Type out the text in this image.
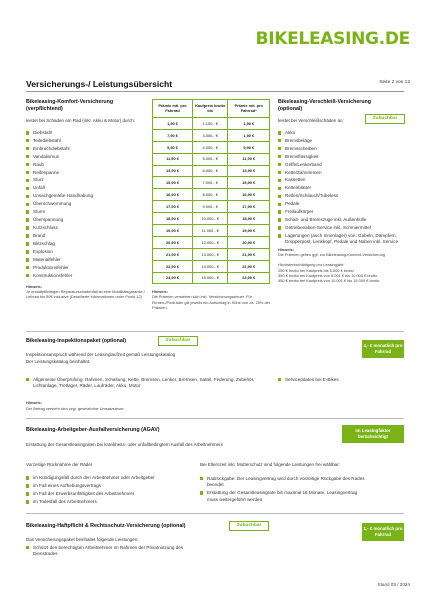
BIKELEASING.DE
Versicherungs-/ Leistungsübersicht	Seite 2 von 12
Bikeleasing-Komfort-Versicherung
(verpflichtend)
leistet bei Schaden am Rad (inkl. Akku & Motor) durch:
Diebstahl
Teilediebstahl
Einbruchdiebstahl
Vandalismus
Raub
Reifenpanne
Sturz
Unfall
Unsachgemäße Handhabung
Überschwemmung
Sturm
Überspannung
Kurzschluss
Brand
Blitzschlag
Explosion
Materialfehler
Produktionsfehler
Konstruktionsfehler
Hinweis:
Je erstattpflichtigen Reparaturschadenfall ist eine Mobilitätsgarantie / Leihrad bis 50€ inklusive (Detaillierte Informationen unter Punkt 12)
Prämie mtl. pro Fahrrad	Kaufpreis brutto bis	Prämie mtl. pro Fahrrad*
1,90 €	1.100,- €	1,90 €
7,90 €	3.000,- €	1,90 €
9,50 €	4.000,- €	9,90 €
11,90 €	5.000,- €	11,90 €
13,90 €	6.000,- €	13,90 €
15,90 €	7.000,- €	15,90 €
16,90 €	8.000,- €	16,90 €
17,90 €	9.000,- €	17,90 €
18,90 €	10.000,- €	18,90 €
19,90 €	11.000,- €	19,90 €
20,90 €	12.000,- €	20,90 €
21,90 €	13.000,- €	21,90 €
22,90 €	14.000,- €	22,90 €
23,90 €	15.000,- €	23,90 €
Hinweis:
Die Prämien verstehen sich inkl. Versicherungssteuer. Für Firmen-/Poolräder gilt jeweils ein Aufschlag in Höhe von ca. 25% der Prämien.
Bikeleasing-Verschleiß-Versicherung
(optional)
leistet bei Verschleißschäden an:
Akku
Bremsbeläge
Bremsscheiben
Bremsflüssigkeit
Griffe/Lenkerband
Kette/Zahnriemen
Kassetten
Kettenblätter
Reifen/Schlauch/Tubeless
Pedale
Freilaufkörper
Schalt- und Bremszüge inkl. Außenhülle
Getriebenaben-Service inkl. Schmiermittel
Lagerungen (auch Innenlager) von: Gabeln, Dämpfern, Dropperpost, Lenkkopf, Pedale und Naben inkl. Service
Hinweis:
Die Prämien gelten ggf. zur Bikeleasing-Komfort-Versicherung
Höchstentschädigung pro Leasingjahr:
250 € brutto bei Kaufpreis bis 5.000 € brutto
350 € brutto bei Kaufpreis von 5.001 € bis 10.000 € brutto
450 € brutto bei Kaufpreis von 10.001 € bis 15.000 € brutto
Zubuchbar
Bikeleasing-Inspektionspaket (optional)	Zubuchbar
4,- € monatlich pro Fahrrad
Inspektionsanspruch während der Leasinglaufzeit gemäß Leistungskatalog
Der Leistungskatalog beinhaltet:
Allgemeine Überprüfung: Rahmen, Schaltung, Kette, Bremsen, Lenker, Bremsen, Sattel, Federung, Zubehör, Lichtanlage, Tretlager, Räder, Laufräder, Akku, Motor
Servicepdates bei E-Bikes
Hinweis:
Der Betrag versteht sich zzgl. gesetzlicher Umsatzsteuer
Bikeleasing-Arbeitgeber-Ausfallversicherung (AGAV)	im Leasingfaktor berücksichtigt
Erstattung der Gesamtleasingraten bei krankheits- oder unfallbedingtem Ausfall des Arbeitnehmers
Vorzeitige Rücknahme der Räder
im Kündigungsfall durch den Arbeitnehmer oder Arbeitgeber
im Fall eines Aufhebungsvertrags
im Fall der Erwerbsunfähigkeit des Arbeitnehmers
im Todesfall des Arbeitnehmers
Bei Elternzeit inkl. Mutterschutz sind folgende Leistungen frei wählbar:
Radrückgabe: Der Leasingvertrag wird durch vorzeitige Rückgabe des Rades beendet
Erstattung der Gesamtleasingrate bis maximal 18 Monate, Leasingvertrag muss weitergeführt werden
Bikeleasing-Haftpflicht & Rechtsschutz-Versicherung (optional)	Zubuchbar
1,- € monatlich pro Fahrrad
Das Versicherungspaket beinhaltet folgende Leistungen:
Schützt den berechtigten Arbeitnehmer im Rahmen der Privatnutzung des Dienstrades
Stand 03 / 2024
